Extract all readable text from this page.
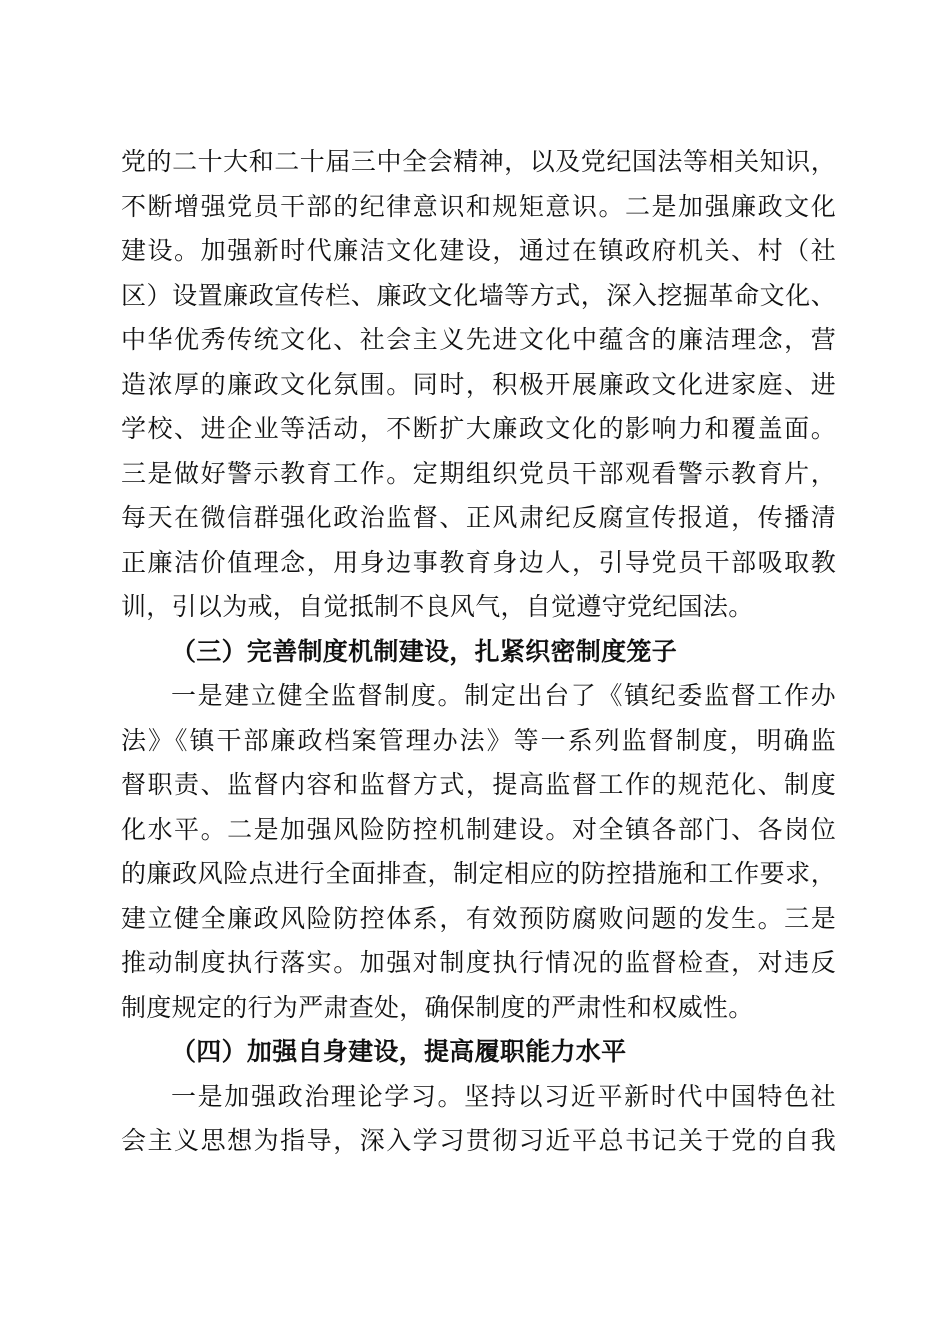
党的二十大和二十届三中全会精神，以及党纪国法等相关知识，
不断增强党员干部的纪律意识和规矩意识。二是加强廉政文化
建设。加强新时代廉洁文化建设，通过在镇政府机关、村（社
区）设置廉政宣传栏、廉政文化墙等方式，深入挖掘革命文化、
中华优秀传统文化、社会主义先进文化中蕴含的廉洁理念，营
造浓厚的廉政文化氛围。同时，积极开展廉政文化进家庭、进
学校、进企业等活动，不断扩大廉政文化的影响力和覆盖面。
三是做好警示教育工作。定期组织党员干部观看警示教育片，
每天在微信群强化政治监督、正风肃纪反腐宣传报道，传播清
正廉洁价值理念，用身边事教育身边人，引导党员干部吸取教
训，引以为戒，自觉抵制不良风气，自觉遵守党纪国法。
（三）完善制度机制建设，扎紧织密制度笼子
一是建立健全监督制度。制定出台了《镇纪委监督工作办
法》《镇干部廉政档案管理办法》等一系列监督制度，明确监
督职责、监督内容和监督方式，提高监督工作的规范化、制度
化水平。二是加强风险防控机制建设。对全镇各部门、各岗位
的廉政风险点进行全面排查，制定相应的防控措施和工作要求，
建立健全廉政风险防控体系，有效预防腐败问题的发生。三是
推动制度执行落实。加强对制度执行情况的监督检查，对违反
制度规定的行为严肃查处，确保制度的严肃性和权威性。
（四）加强自身建设，提高履职能力水平
一是加强政治理论学习。坚持以习近平新时代中国特色社
会主义思想为指导，深入学习贯彻习近平总书记关于党的自我
